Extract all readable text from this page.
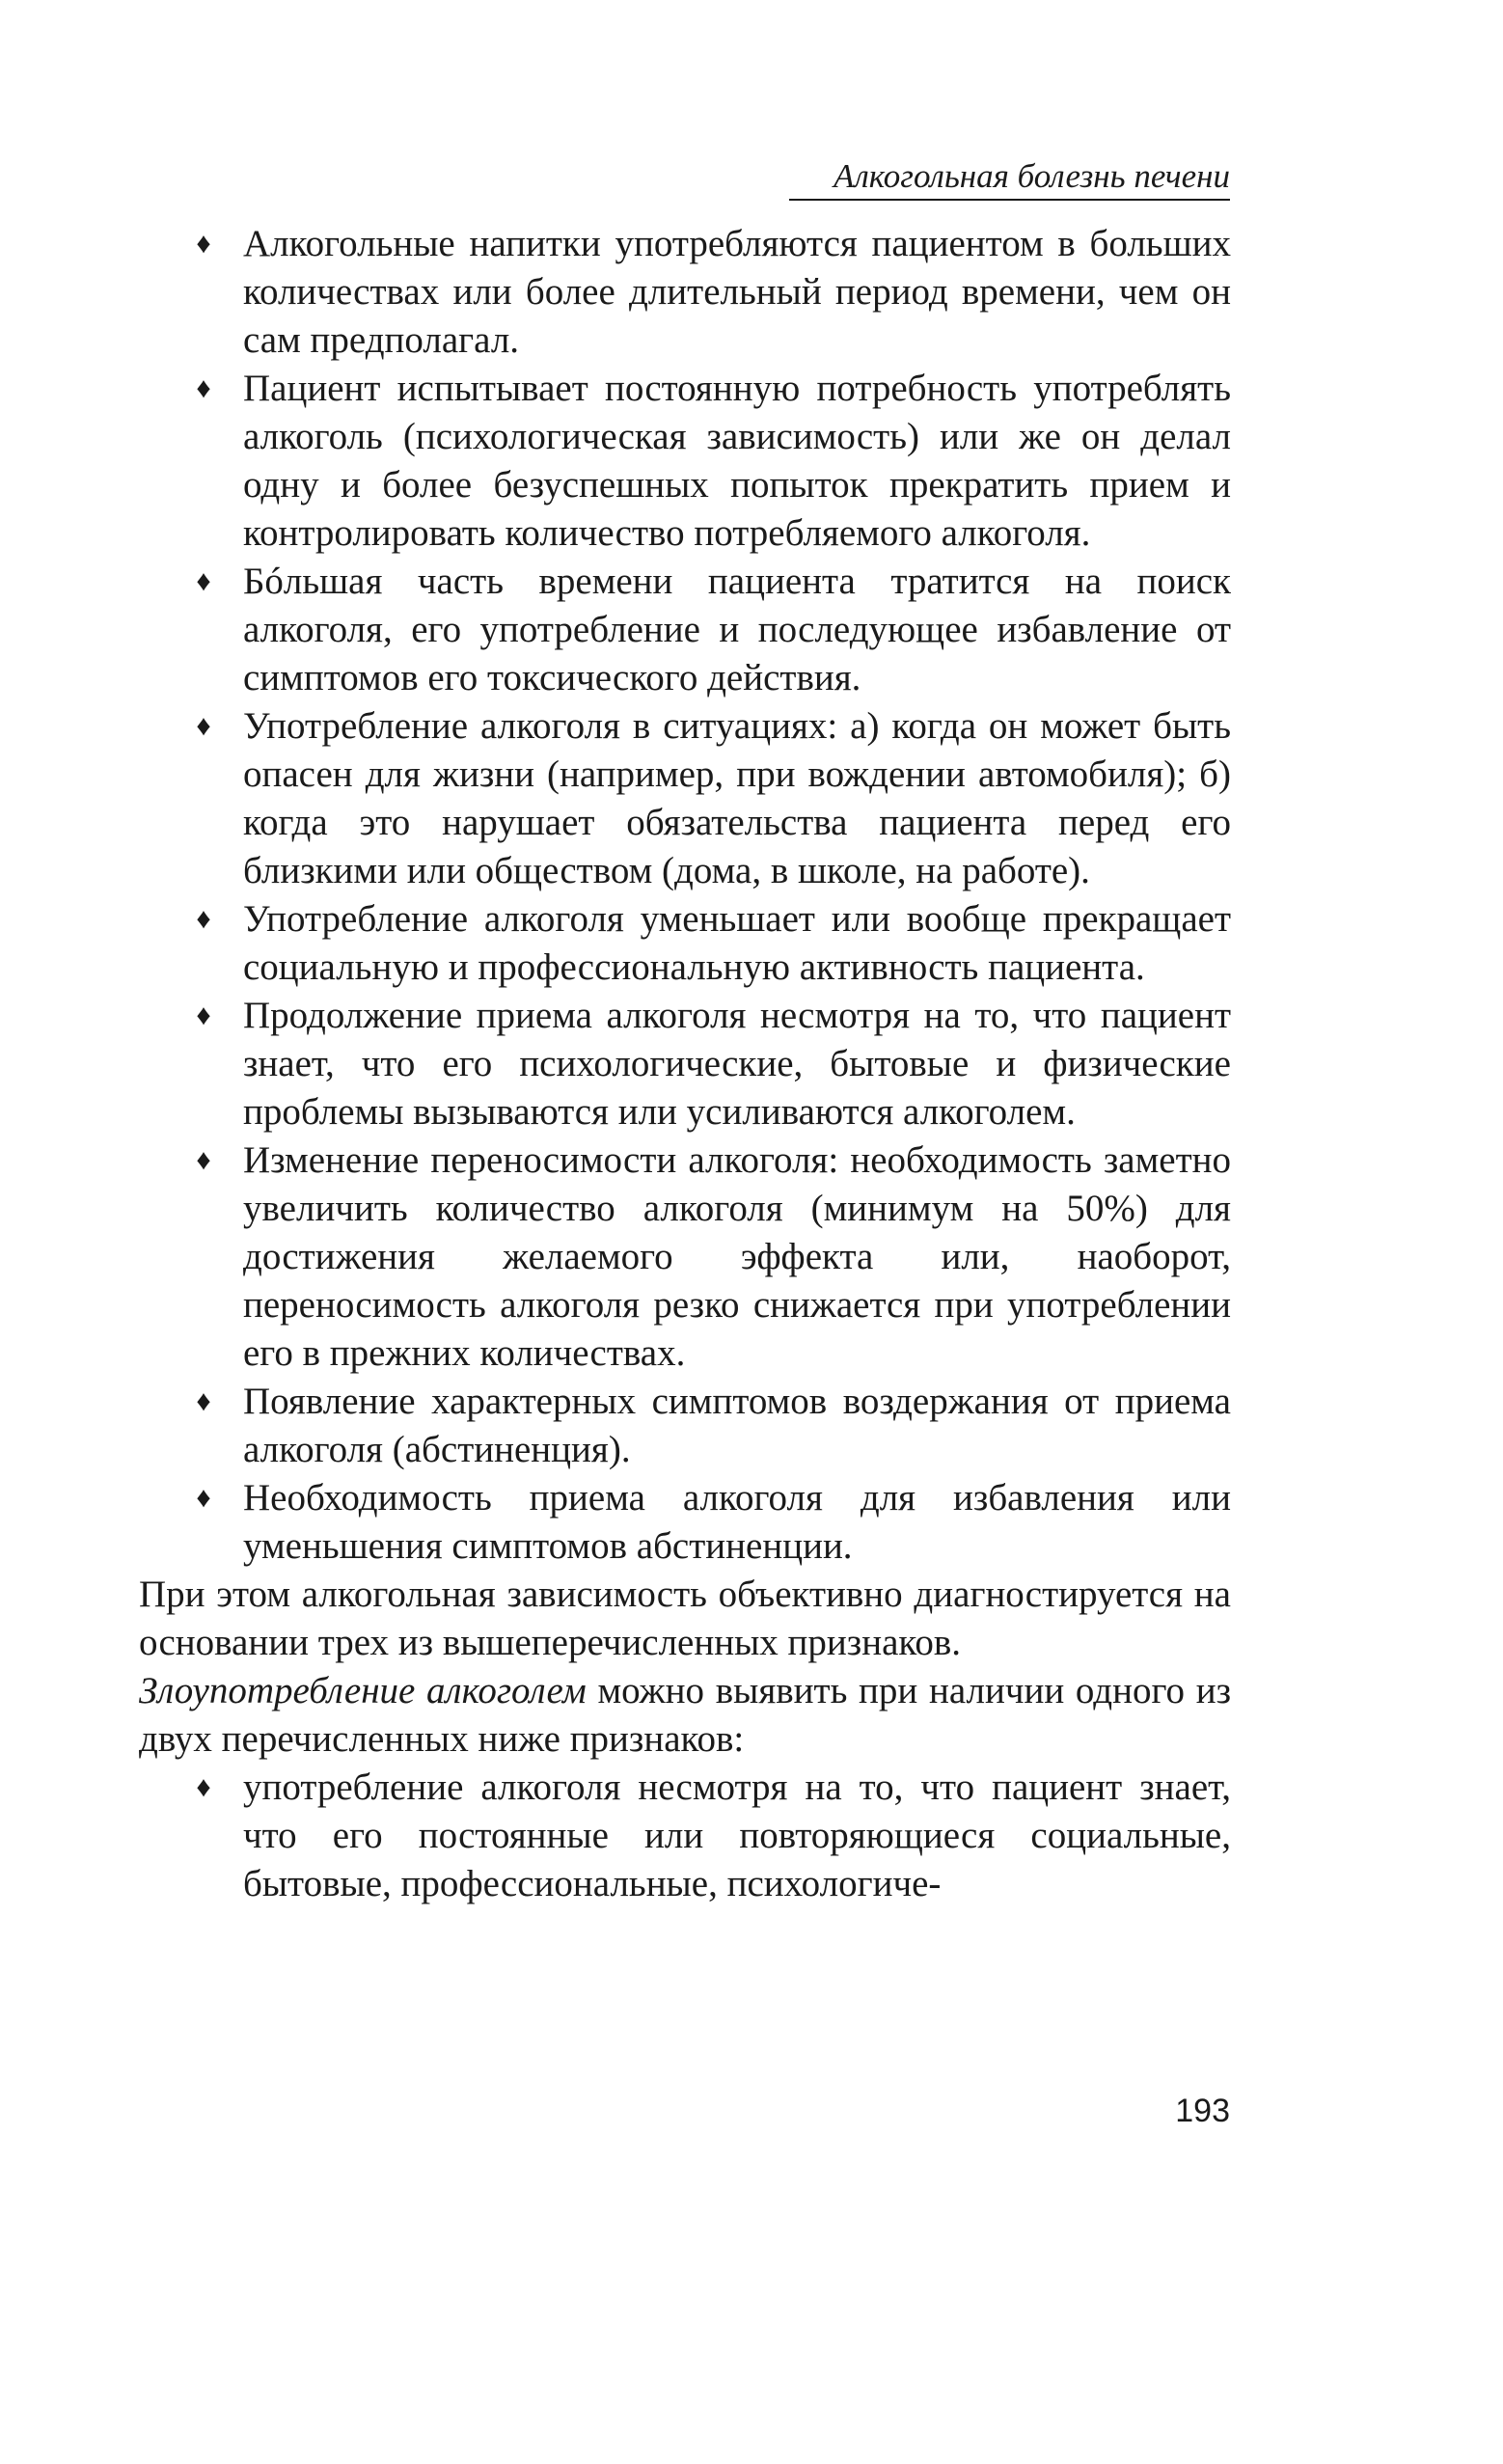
Алкогольная болезнь печени
♦ Алкогольные напитки употребляются пациентом в больших количествах или более длительный период времени, чем он сам предполагал.
♦ Пациент испытывает постоянную потребность употреблять алкоголь (психологическая зависимость) или же он делал одну и более безуспешных попыток прекратить прием и контролировать количество потребляемого алкоголя.
♦ Бóльшая часть времени пациента тратится на поиск алкоголя, его употребление и последующее избавление от симптомов его токсического действия.
♦ Употребление алкоголя в ситуациях: а) когда он может быть опасен для жизни (например, при вождении автомобиля); б) когда это нарушает обязательства пациента перед его близкими или обществом (дома, в школе, на работе).
♦ Употребление алкоголя уменьшает или вообще прекращает социальную и профессиональную активность пациента.
♦ Продолжение приема алкоголя несмотря на то, что пациент знает, что его психологические, бытовые и физические проблемы вызываются или усиливаются алкоголем.
♦ Изменение переносимости алкоголя: необходимость заметно увеличить количество алкоголя (минимум на 50%) для достижения желаемого эффекта или, наоборот, переносимость алкоголя резко снижается при употреблении его в прежних количествах.
♦ Появление характерных симптомов воздержания от приема алкоголя (абстиненция).
♦ Необходимость приема алкоголя для избавления или уменьшения симптомов абстиненции.

При этом алкогольная зависимость объективно диагностируется на основании трех из вышеперечисленных признаков.

Злоупотребление алкоголем можно выявить при наличии одного из двух перечисленных ниже признаков:

♦ употребление алкоголя несмотря на то, что пациент знает, что его постоянные или повторяющиеся социальные, бытовые, профессиональные, психологиче-
193
